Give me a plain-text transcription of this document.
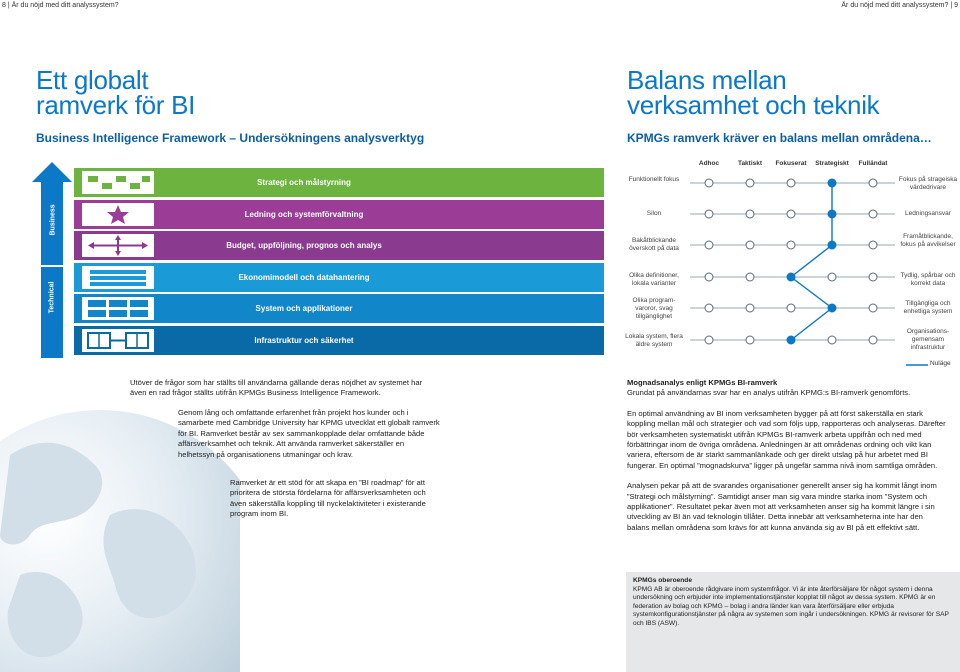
8 | Är du nöjd med ditt analyssystem?	Är du nöjd med ditt analyssystem? | 9
Ett globalt
ramverk för BI
Business Intelligence Framework – Undersökningens analysverktyg
Balans mellan
verksamhet och teknik
KPMGs ramverk kräver en balans mellan områdena…
Business
Technical
Strategi och målstyrning
Ledning och systemförvaltning
Budget, uppföljning, prognos och analys
Ekonomimodell och datahantering
System och applikationer
Infrastruktur och säkerhet
Adhoc	Taktiskt Fokuserat Strategiskt Fulländat
Funktionellt fokus	Fokus på strageiska värdedrivare
Silon	Ledningsansvar
Bakåtblickande överskott på data
Framåtblickande, fokus på avvikelser
Olika definitioner, lokala varianter
Tydlig, spårbar och korrekt data
Olika program-varoror, svag tillgänglighet
Tillgängliga och enhetliga system
Lokala system, flera äldre system
Organisations-gemensam infrastruktur
Nuläge

Utöver de frågor som har ställts till användarna gällande deras nöjdhet av systemet har även en rad frågor ställts utifrån KPMGs Business Intelligence Framework.

Genom lång och omfattande erfarenhet från projekt hos kunder och i samarbete med Cambridge University har KPMG utvecklat ett globalt ramverk för BI. Ramverket består av sex sammankopplade delar omfattande både affärsverksamhet och teknik. Att använda ramverket säkerställer en helhetssyn på organisationens utmaningar och krav.

Ramverket är ett stöd för att skapa en ”BI roadmap” för att prioritera de största fördelarna för affärsverksamheten och även säkerställa koppling till nyckelaktiviteter i existerande program inom BI.

Mognadsanalys enligt KPMGs BI-ramverk

Grundat på användarnas svar har en analys utifrån KPMG:s BI-ramverk genomförts.

En optimal användning av BI inom verksamheten bygger på att först säkerställa en stark koppling mellan mål och strategier och vad som följs upp, rapporteras och analyseras. Därefter bör verksamheten systematiskt utifrån KPMGs BI-ramverk arbeta uppifrån och ned med förbättringar inom de övriga områdena. Anledningen är att områdenas ordning och vikt kan variera, eftersom de är starkt sammanlänkade och ger direkt utslag på hur arbetet med BI fungerar. En optimal ”mognadskurva” ligger på ungefär samma nivå inom samtliga områden.

Analysen pekar på att de svarandes organisationer generellt anser sig ha kommit långt inom ”Strategi och målstyrning”. Samtidigt anser man sig vara mindre starka inom ”System och applikationer”. Resultatet pekar även mot att verksamheten anser sig ha kommit längre i sin utveckling av BI än vad teknologin tillåter. Detta innebär att verksamheterna inte har den balans mellan områdena som krävs för att kunna använda sig av BI på ett effektivt sätt.

KPMGs oberoende
KPMG AB är oberoende rådgivare inom systemfrågor. Vi är inte återförsäljare för något system i denna undersökning och erbjuder inte implementationstjänster kopplat till något av dessa system. KPMG är en federation av bolag och KPMG – bolag i andra länder kan vara återförsäljare eller erbjuda systemkonfigurationstjänster på några av systemen som ingår i undersökningen. KPMG är revisorer för SAP och IBS (ASW).
